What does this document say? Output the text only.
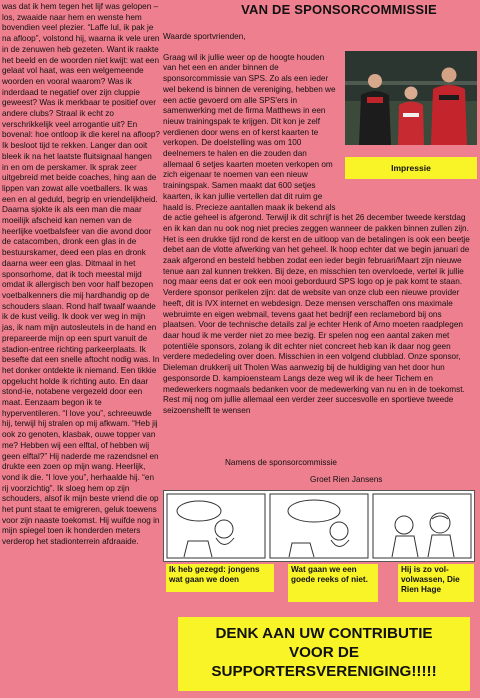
was dat ik hem tegen het lijf was gelopen – los, zwaaide naar hem en wenste hem bovendien veel plezier. “Laffe lul, ik pak je na afloop”, volstond hij, waarna ik vele uren in de zenuwen heb gezeten. Want ik raakte het beeld en de woorden niet kwijt: wat een gelaat vol haat, was een welgemeende woorden en vooral waarom? Was ik inderdaad te negatief over zijn cluppie geweest? Was ik merkbaar te positief over andere clubs? Straal ik echt zo verschrikkelijk veel arrogantie uit? En bovenal: hoe ontloop ik die kerel na afloop? Ik besloot tijd te rekken. Langer dan ooit bleek ik na het laatste fluitsignaal hangen in en om de perskamer. Ik sprak zeer uitgebreid met beide coaches, hing aan de lippen van zowat alle voetballers. Ik was een en al geduld, begrip en vriendelijkheid. Daarna sjokte ik als een man die maar moeilijk afscheid kan nemen van de heerlijke voetbalsfeer van die avond door de catacomben, dronk een glas in de bestuurskamer, deed een plas en dronk daarna weer een glas. Ditmaal in het sponsorhome, dat ik toch meestal mijd omdat ik allergisch ben voor half bezopen voetbalkenners die mij hardhandig op de schouders slaan. Rond half twaalf waande ik de kust veilig. Ik dook ver weg in mijn jas, ik nam mijn autosleutels in de hand en prepareerde mijn op een spurt vanuit de stadion-entree richting parkeerplaats. Ik besefte dat een snelle aftocht nodig was. In het donker ontdekte ik niemand. Een tikkie opgelucht holde ik richting auto. En daar stond-ie, notabene vergezeld door een maat. Eenzaam begon ik te hyperventileren. “I love you”, schreeuwde hij, terwijl hij stralen op mij afkwam. “Heb jij ook zo genoten, klasbak, ouwe topper van me? Hebben wij een elftal, of hebben wij geen elftal?” Hij naderde me razendsnel en drukte een zoen op mijn wang. Heerlijk, vond ik die. “I love you”, herhaalde hij. “en rij voorzichtig”. Ik sloeg hem op zijn schouders, alsof ik mijn beste vriend die op het punt staat te emigreren, geluk toewens voor zijn naaste toekomst. Hij wuifde nog in mijn spiegel toen ik honderden meters verderop het stadionterrein afdraaide.

VAN DE SPONSORCOMMISSIE

Waarde sportvrienden,

Impressie

Graag wil ik jullie weer op de hoogte houden van het een en ander binnen de sponsorcommissie van SPS. Zo als een ieder wel bekend is binnen de vereniging, hebben we een actie gevoerd om alle SPS'ers in samenwerking met de firma Matthews in een nieuw trainingspak te krijgen. Dit kon je zelf verdienen door wens en of kerst kaarten te verkopen. De doelstelling was om 100 deelnemers te halen en die zouden dan allemaal 6 setjes kaarten moeten verkopen om zich eigenaar te noemen van een nieuw trainingspak. Samen maakt dat 600 setjes kaarten, ik kan jullie vertellen dat dit ruim ge haald is. Precieze aantallen maak ik bekend als de actie geheel is afgerond. Terwijl ik dit schrijf is het 26 december tweede kerstdag en ik kan dan nu ook nog niet precies zeggen wanneer de pakken binnen zullen zijn. Het is een drukke tijd rond de kerst en de uitloop van de betalingen is ook een beetje debet aan de vlotte afwerking van het geheel. Ik hoop echter dat we begin januari de zaak afgerond en besteld hebben zodat een ieder begin februari/Maart zijn nieuwe tenue aan zal kunnen trekken. Bij deze, en misschien ten overvloede, vertel ik jullie nog maar eens dat er ook een mooi geborduurd SPS logo op je pak komt te staan. Verdere sponsor perikelen zijn: dat de website van onze club een nieuwe provider heeft, dit is IVX internet en webdesign. Deze mensen verschaffen ons maximale webruimte en eigen webmail, tevens gaat het bedrijf een reclamebord bij ons plaatsen. Voor de technische details zal je echter Henk of Arno moeten raadplegen daar houd ik me verder niet zo mee bezig. Er spelen nog een aantal zaken met potentiële sponsors, zolang ik dit echter niet concreet heb kan ik daar nog geen verdere mededeling over doen. Misschien in een volgend clubblad. Onze sponsor, Dieleman drukkerij uit Tholen Was aanwezig bij de huldiging van het door hun gesponsorde D. kampioensteam Langs deze weg wil ik de heer Tichem en medewerkers nogmaals bedanken voor de medewerking van nu en in de toekomst. Rest mij nog om jullie allemaal een verder zeer succesvolle en sportieve tweede seizoenshelft te wensen

Namens de sponsorcommissie
Groet Rien Jansens
Ik heb gezegd: jongens wat gaan we doen
Wat gaan we een goede reeks of niet.
Hij is zo vol-volwassen, Die Rien Hage
DENK AAN UW CONTRIBUTIE
VOOR DE
SUPPORTERSVERENIGING!!!!!
